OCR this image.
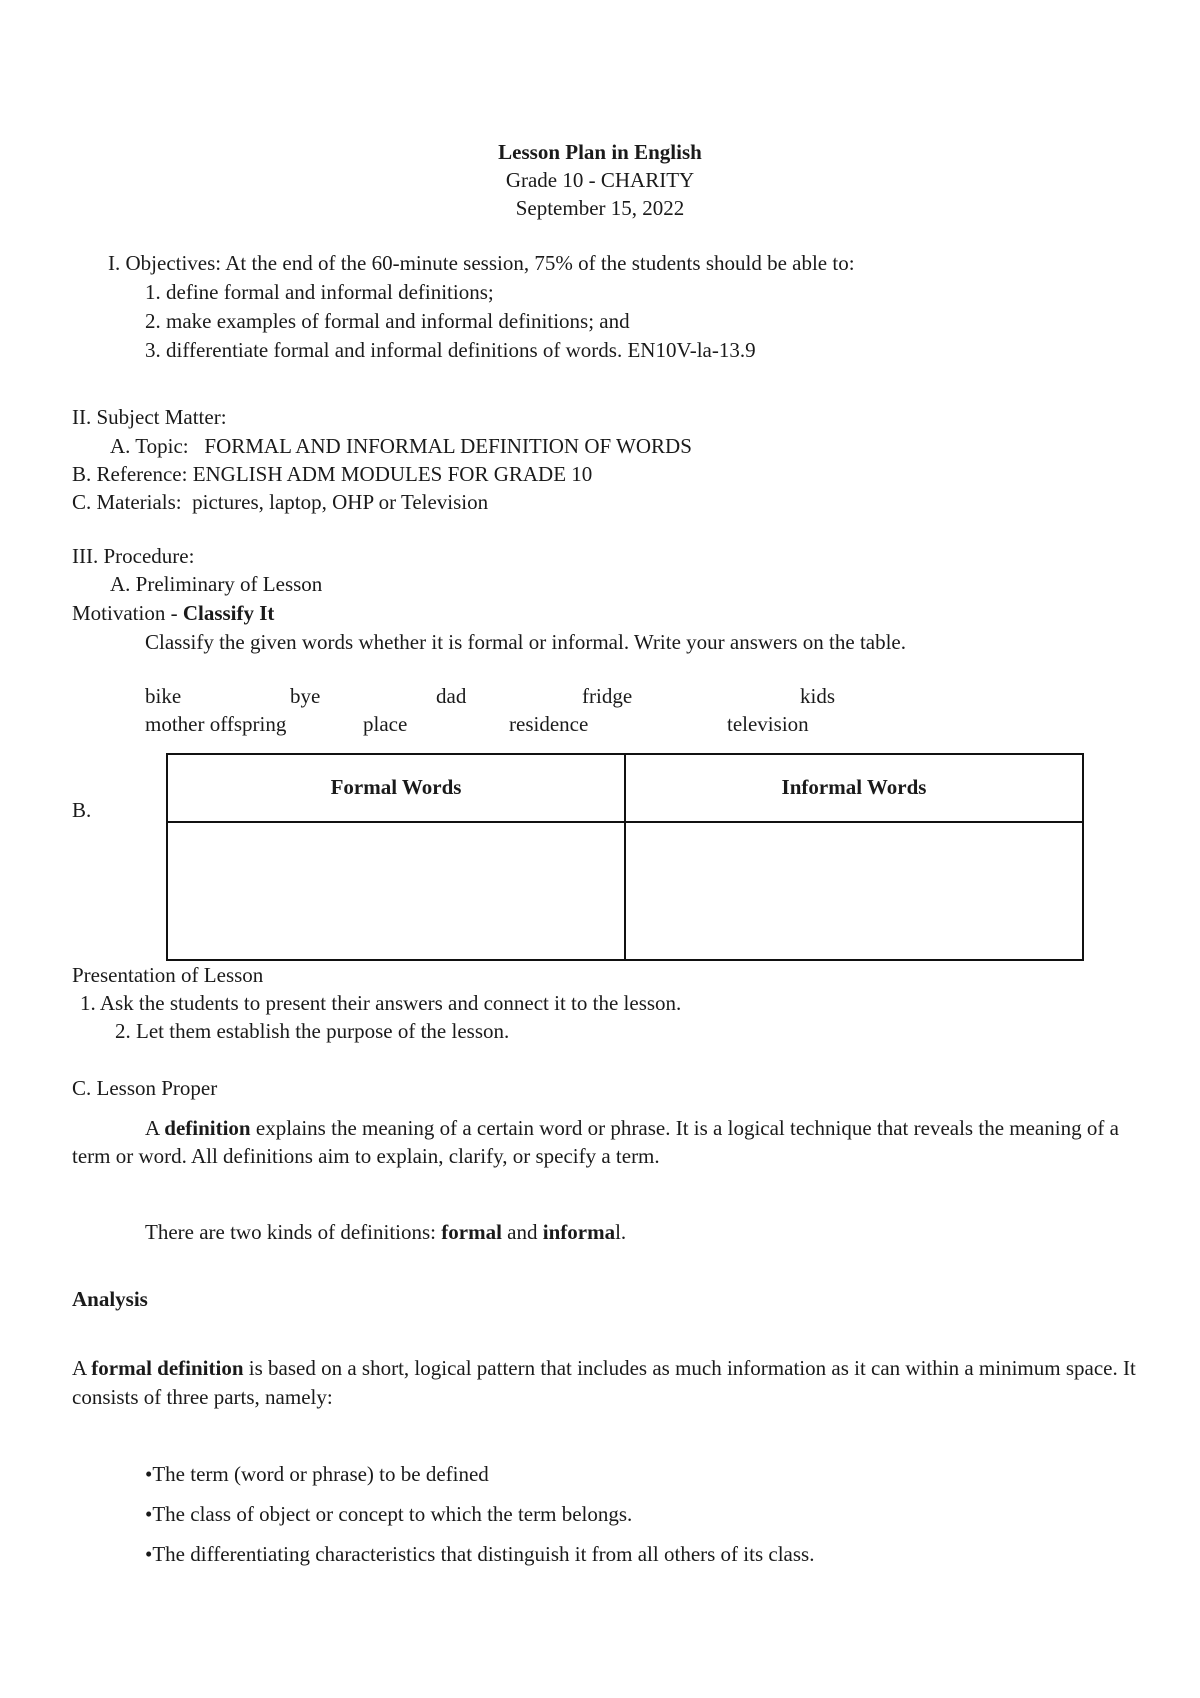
Lesson Plan in English
Grade 10 - CHARITY
September 15, 2022
I. Objectives: At the end of the 60-minute session, 75% of the students should be able to:
1. define formal and informal definitions;
2. make examples of formal and informal definitions; and
3. differentiate formal and informal definitions of words. EN10V-la-13.9
II. Subject Matter:
A. Topic:   FORMAL AND INFORMAL DEFINITION OF WORDS
B. Reference: ENGLISH ADM MODULES FOR GRADE 10
C. Materials:  pictures, laptop, OHP or Television
III. Procedure:
A. Preliminary of Lesson
Motivation - Classify It
Classify the given words whether it is formal or informal. Write your answers on the table.
bike	bye	dad	fridge	kids
mother offspring	place	residence	television
B.
Formal Words	Informal Words

Presentation of Lesson
1. Ask the students to present their answers and connect it to the lesson.
2. Let them establish the purpose of the lesson.
C. Lesson Proper
A definition explains the meaning of a certain word or phrase. It is a logical technique that reveals the meaning of a term or word. All definitions aim to explain, clarify, or specify a term.
There are two kinds of definitions: formal and informal.
Analysis
A formal definition is based on a short, logical pattern that includes as much information as it can within a minimum space. It consists of three parts, namely:
•The term (word or phrase) to be defined
•The class of object or concept to which the term belongs.
•The differentiating characteristics that distinguish it from all others of its class.
